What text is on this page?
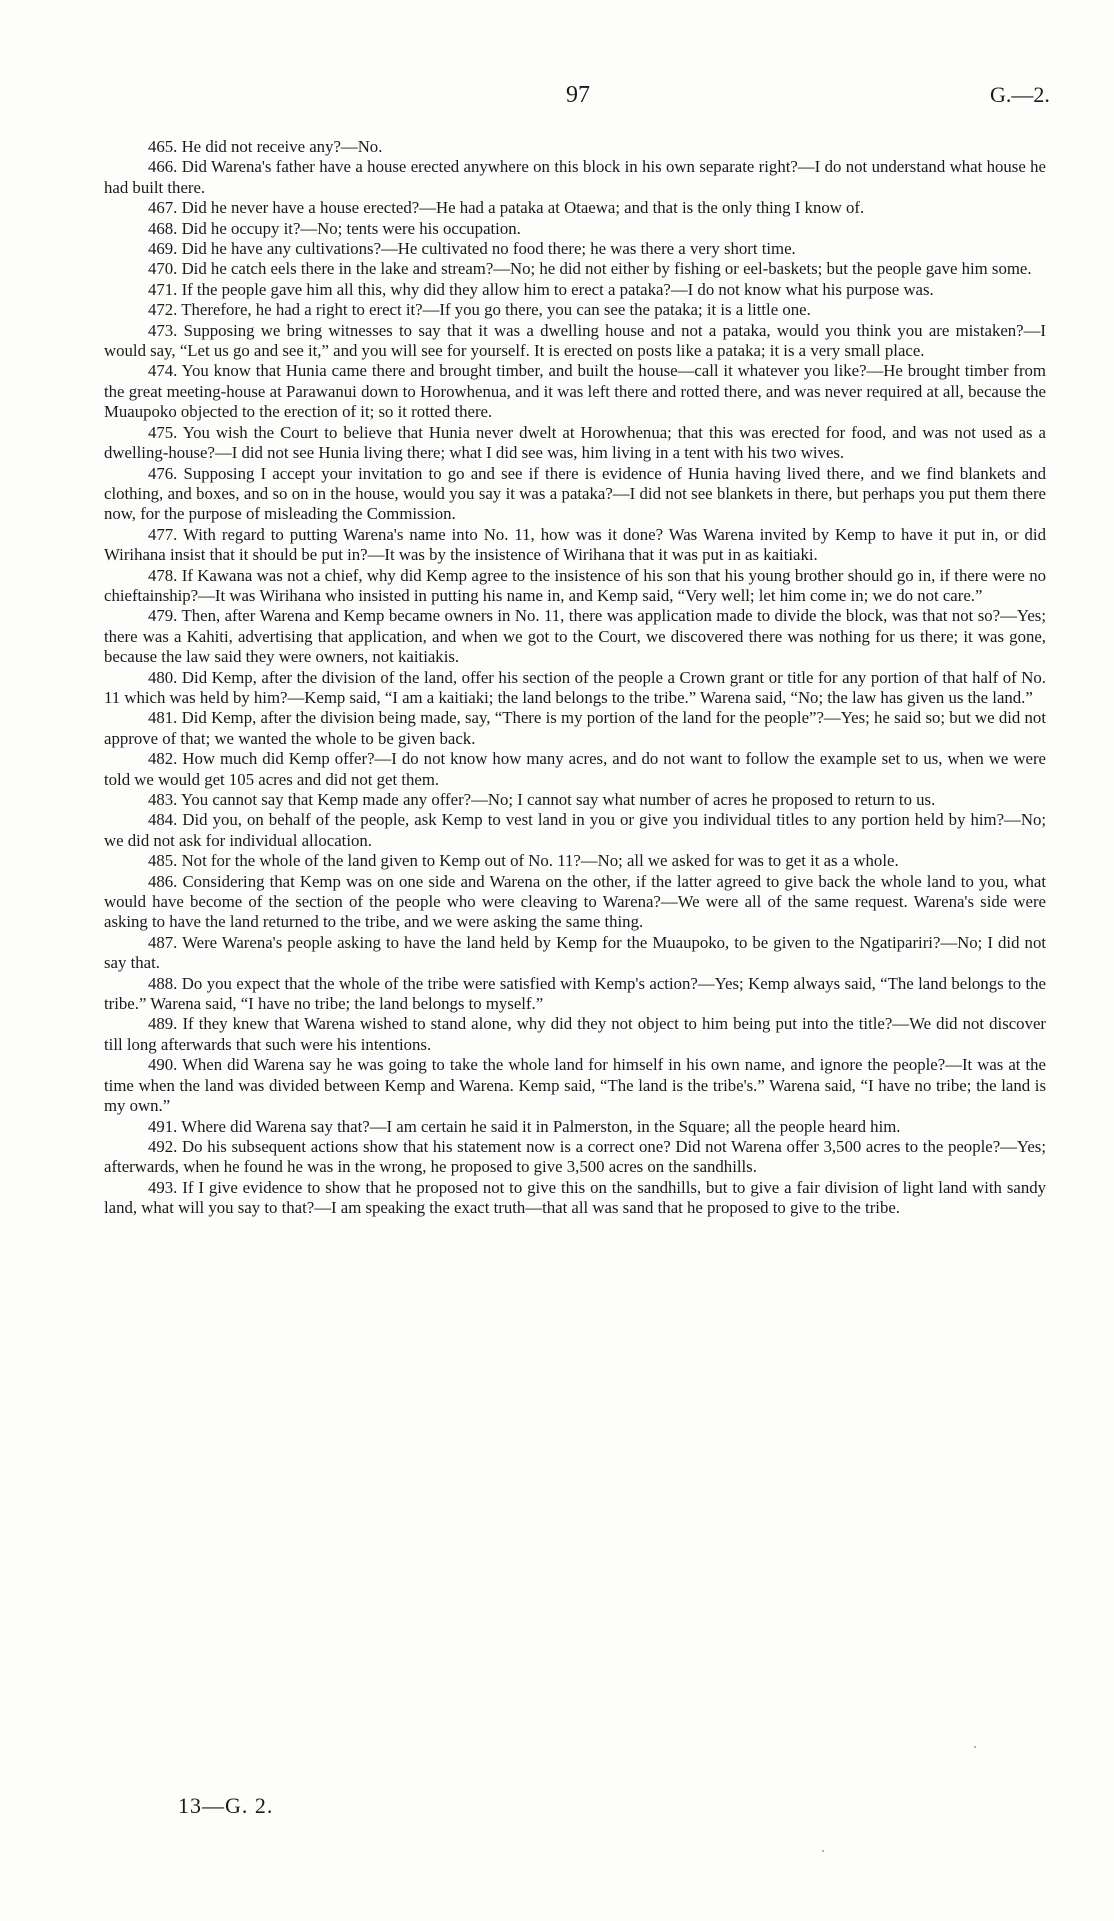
97	G.—2.

465. He did not receive any?—No.

466. Did Warena's father have a house erected anywhere on this block in his own separate right?—I do not understand what house he had built there.

467. Did he never have a house erected?—He had a pataka at Otaewa; and that is the only thing I know of.

468. Did he occupy it?—No; tents were his occupation.

469. Did he have any cultivations?—He cultivated no food there; he was there a very short time.

470. Did he catch eels there in the lake and stream?—No; he did not either by fishing or eel-baskets; but the people gave him some.

471. If the people gave him all this, why did they allow him to erect a pataka?—I do not know what his purpose was.

472. Therefore, he had a right to erect it?—If you go there, you can see the pataka; it is a little one.

473. Supposing we bring witnesses to say that it was a dwelling house and not a pataka, would you think you are mistaken?—I would say, “Let us go and see it,” and you will see for yourself. It is erected on posts like a pataka; it is a very small place.

474. You know that Hunia came there and brought timber, and built the house—call it whatever you like?—He brought timber from the great meeting-house at Parawanui down to Horowhenua, and it was left there and rotted there, and was never required at all, because the Muaupoko objected to the erection of it; so it rotted there.

475. You wish the Court to believe that Hunia never dwelt at Horowhenua; that this was erected for food, and was not used as a dwelling-house?—I did not see Hunia living there; what I did see was, him living in a tent with his two wives.

476. Supposing I accept your invitation to go and see if there is evidence of Hunia having lived there, and we find blankets and clothing, and boxes, and so on in the house, would you say it was a pataka?—I did not see blankets in there, but perhaps you put them there now, for the purpose of misleading the Commission.

477. With regard to putting Warena's name into No. 11, how was it done? Was Warena invited by Kemp to have it put in, or did Wirihana insist that it should be put in?—It was by the insistence of Wirihana that it was put in as kaitiaki.

478. If Kawana was not a chief, why did Kemp agree to the insistence of his son that his young brother should go in, if there were no chieftainship?—It was Wirihana who insisted in putting his name in, and Kemp said, “Very well; let him come in; we do not care.”

479. Then, after Warena and Kemp became owners in No. 11, there was application made to divide the block, was that not so?—Yes; there was a Kahiti, advertising that application, and when we got to the Court, we discovered there was nothing for us there; it was gone, because the law said they were owners, not kaitiakis.

480. Did Kemp, after the division of the land, offer his section of the people a Crown grant or title for any portion of that half of No. 11 which was held by him?—Kemp said, “I am a kaitiaki; the land belongs to the tribe.” Warena said, “No; the law has given us the land.”

481. Did Kemp, after the division being made, say, “There is my portion of the land for the people”?—Yes; he said so; but we did not approve of that; we wanted the whole to be given back.

482. How much did Kemp offer?—I do not know how many acres, and do not want to follow the example set to us, when we were told we would get 105 acres and did not get them.

483. You cannot say that Kemp made any offer?—No; I cannot say what number of acres he proposed to return to us.

484. Did you, on behalf of the people, ask Kemp to vest land in you or give you individual titles to any portion held by him?—No; we did not ask for individual allocation.

485. Not for the whole of the land given to Kemp out of No. 11?—No; all we asked for was to get it as a whole.

486. Considering that Kemp was on one side and Warena on the other, if the latter agreed to give back the whole land to you, what would have become of the section of the people who were cleaving to Warena?—We were all of the same request. Warena's side were asking to have the land returned to the tribe, and we were asking the same thing.

487. Were Warena's people asking to have the land held by Kemp for the Muaupoko, to be given to the Ngatipariri?—No; I did not say that.

488. Do you expect that the whole of the tribe were satisfied with Kemp's action?—Yes; Kemp always said, “The land belongs to the tribe.” Warena said, “I have no tribe; the land belongs to myself.”

489. If they knew that Warena wished to stand alone, why did they not object to him being put into the title?—We did not discover till long afterwards that such were his intentions.

490. When did Warena say he was going to take the whole land for himself in his own name, and ignore the people?—It was at the time when the land was divided between Kemp and Warena. Kemp said, “The land is the tribe's.” Warena said, “I have no tribe; the land is my own.”

491. Where did Warena say that?—I am certain he said it in Palmerston, in the Square; all the people heard him.

492. Do his subsequent actions show that his statement now is a correct one? Did not Warena offer 3,500 acres to the people?—Yes; afterwards, when he found he was in the wrong, he proposed to give 3,500 acres on the sandhills.

493. If I give evidence to show that he proposed not to give this on the sandhills, but to give a fair division of light land with sandy land, what will you say to that?—I am speaking the exact truth—that all was sand that he proposed to give to the tribe.

13—G. 2.
